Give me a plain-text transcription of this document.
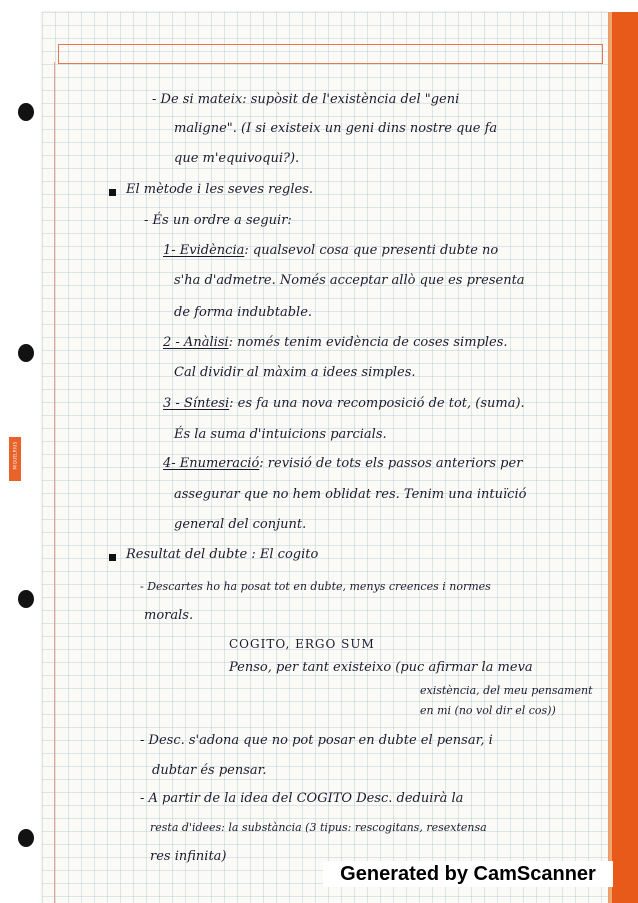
MIQUELRIUS
- De si mateix: supòsit de l'existència del "geni
maligne". (I si existeix un geni dins nostre que fa
que m'equivoqui?).
El mètode i les seves regles.
- És un ordre a seguir:
1- Evidència: qualsevol cosa que presenti dubte no
s'ha d'admetre. Només acceptar allò que es presenta
de forma indubtable.
2 - Anàlisi: només tenim evidència de coses simples.
Cal dividir al màxim a idees simples.
3 - Síntesi: es fa una nova recomposició de tot, (suma).
És la suma d'intuicions parcials.
4- Enumeració: revisió de tots els passos anteriors per
assegurar que no hem oblidat res. Tenim una intuïció
general del conjunt.
Resultat del dubte : El cogito
- Descartes ho ha posat tot en dubte, menys creences i normes
morals.
COGITO, ERGO SUM
Penso, per tant existeixo (puc afirmar la meva
existència, del meu pensament
en mi (no vol dir el cos))
- Desc. s'adona que no pot posar en dubte el pensar, i
dubtar és pensar.
- A partir de la idea del COGITO Desc. deduirà la
resta d'idees: la substància (3 tipus: rescogitans, resextensa
res infinita)
Generated by CamScanner
